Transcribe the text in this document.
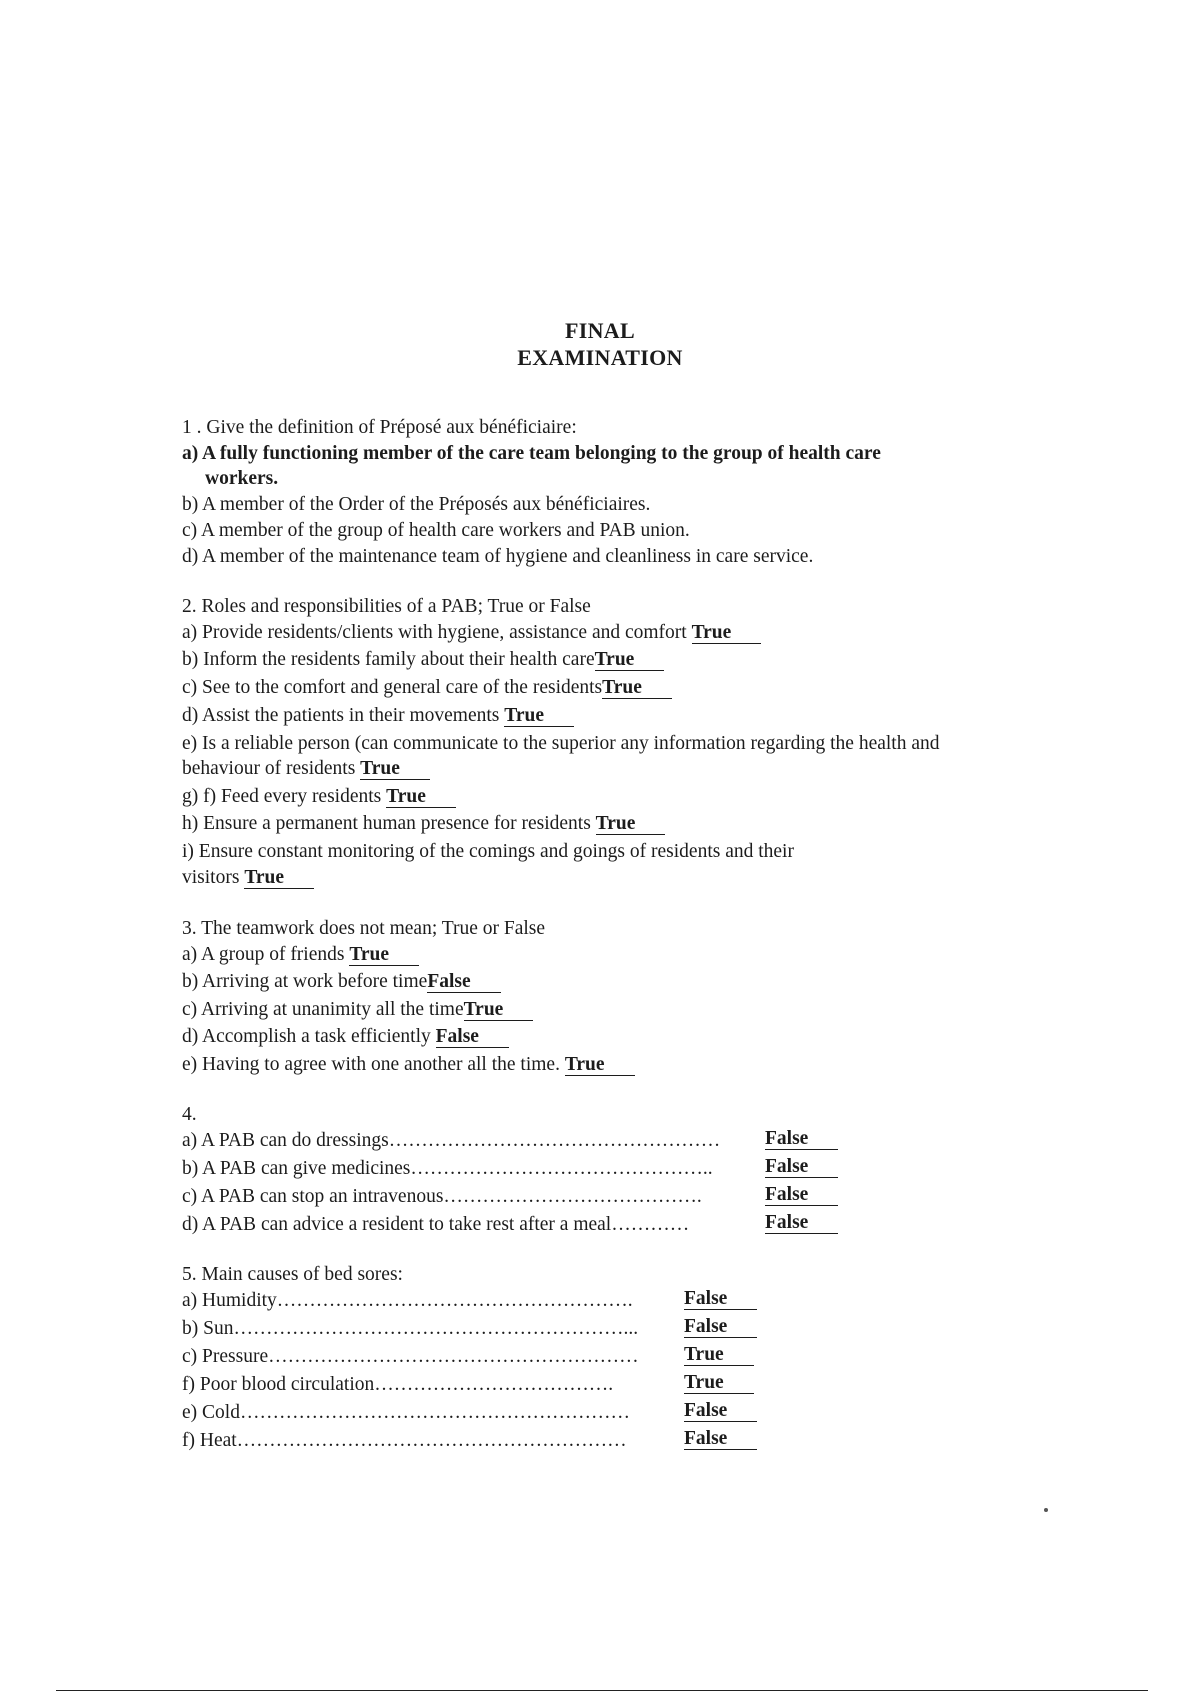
FINAL
EXAMINATION
1 . Give the definition of Préposé aux bénéficiaire:
a) A fully functioning member of the care team belonging to the group of health care
workers.
b) A member of the Order of the Préposés aux bénéficiaires.
c) A member of the group of health care workers and PAB union.
d) A member of the maintenance team of hygiene and cleanliness in care service.
2. Roles and responsibilities of a PAB; True or False
a) Provide residents/clients with hygiene, assistance and comfort True
b) Inform the residents family about their health careTrue
c) See to the comfort and general care of the residentsTrue
d) Assist the patients in their movements True
e) Is a reliable person (can communicate to the superior any information regarding the health and
behaviour of residents True
g) f) Feed every residents True
h) Ensure a permanent human presence for residents True
i) Ensure constant monitoring of the comings and goings of residents and their
visitors True
3. The teamwork does not mean; True or False
a) A group of friends True
b) Arriving at work before timeFalse
c) Arriving at unanimity all the timeTrue
d) Accomplish a task efficiently False
e) Having to agree with one another all the time. True
4.
a) A PAB can do dressings…………………………………………… False
b) A PAB can give medicines………………………………………..	False
c) A PAB can stop an intravenous………………………………….	False
d) A PAB can advice a resident to take rest after a meal…………	False
5. Main causes of bed sores:
a) Humidity……………………………………………….	False
b) Sun……………………………………………………... False
c) Pressure………………………………………………… True
f) Poor blood circulation……………………………….	True
e) Cold……………………………………………………	False
f) Heat……………………………………………………	False
